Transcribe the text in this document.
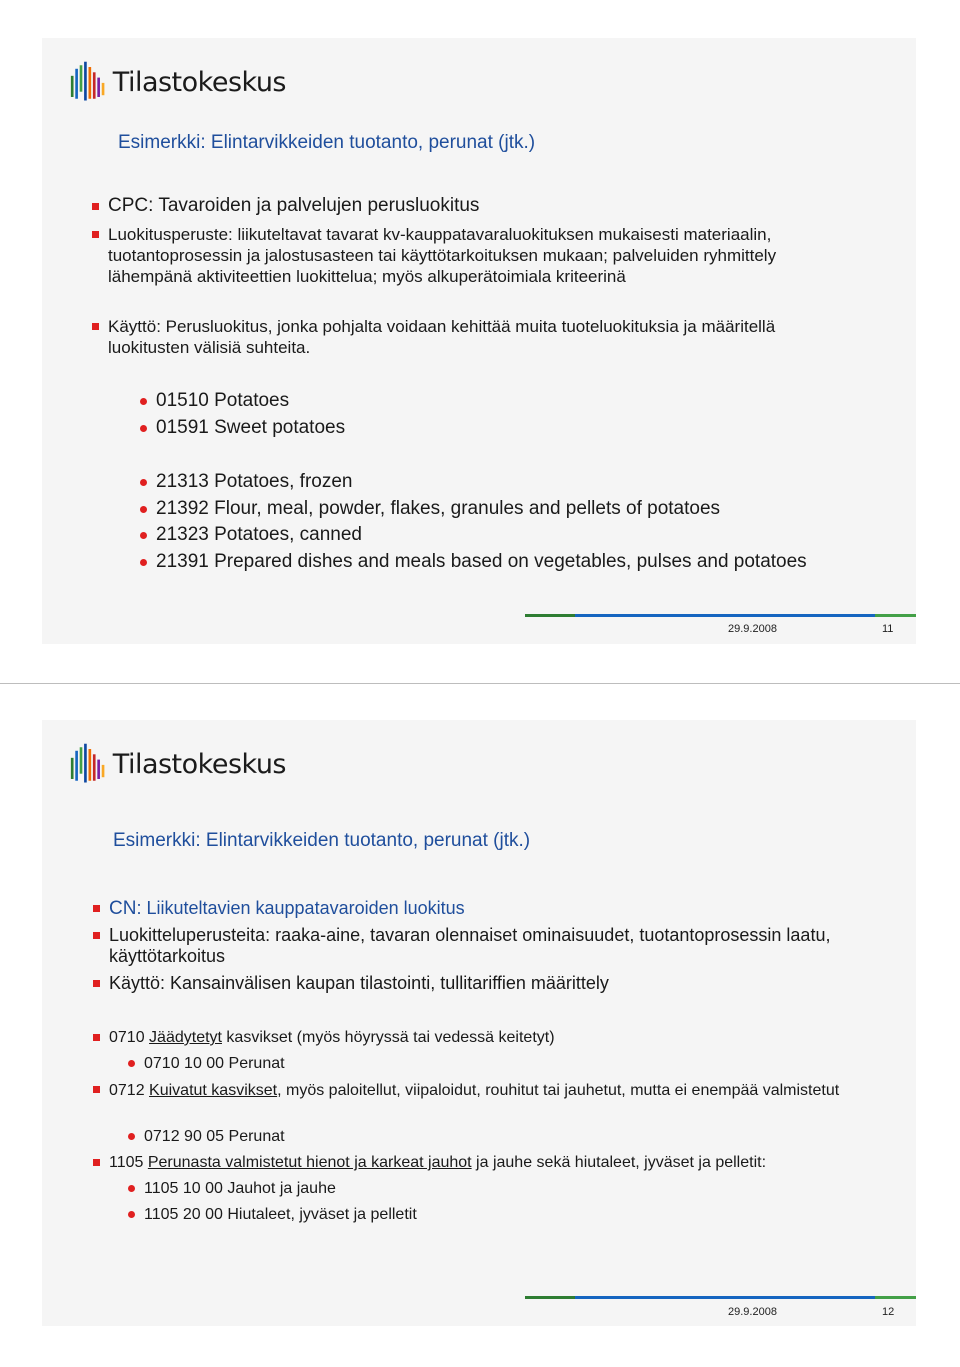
Tilastokeskus
Esimerkki: Elintarvikkeiden tuotanto, perunat (jtk.)
CPC: Tavaroiden ja palvelujen perusluokitus
Luokitusperuste: liikuteltavat tavarat kv-kauppatavaraluokituksen mukaisesti materiaalin, tuotantoprosessin ja jalostusasteen tai käyttötarkoituksen mukaan; palveluiden ryhmittely lähempänä aktiviteettien luokittelua; myös alkuperätoimiala kriteerinä
Käyttö: Perusluokitus, jonka pohjalta voidaan kehittää muita tuoteluokituksia ja määritellä luokitusten välisiä suhteita.
01510 Potatoes
01591 Sweet potatoes
21313 Potatoes, frozen
21392 Flour, meal, powder, flakes, granules and pellets of potatoes
21323 Potatoes, canned
21391 Prepared dishes and meals based on vegetables, pulses and potatoes
29.9.2008	11
Tilastokeskus
Esimerkki: Elintarvikkeiden tuotanto, perunat (jtk.)
CN: Liikuteltavien kauppatavaroiden luokitus
Luokitteluperusteita: raaka-aine, tavaran olennaiset ominaisuudet, tuotantoprosessin laatu, käyttötarkoitus
Käyttö: Kansainvälisen kaupan tilastointi, tullitariffien määrittely
0710 Jäädytetyt kasvikset (myös höyryssä tai vedessä keitetyt)
0710 10 00 Perunat
0712 Kuivatut kasvikset, myös paloitellut, viipaloidut, rouhitut tai jauhetut, mutta ei enempää valmistetut
0712 90 05 Perunat
1105 Perunasta valmistetut hienot ja karkeat jauhot ja jauhe sekä hiutaleet, jyväset ja pelletit:
1105 10 00 Jauhot ja jauhe
1105 20 00 Hiutaleet, jyväset ja pelletit
29.9.2008	12
